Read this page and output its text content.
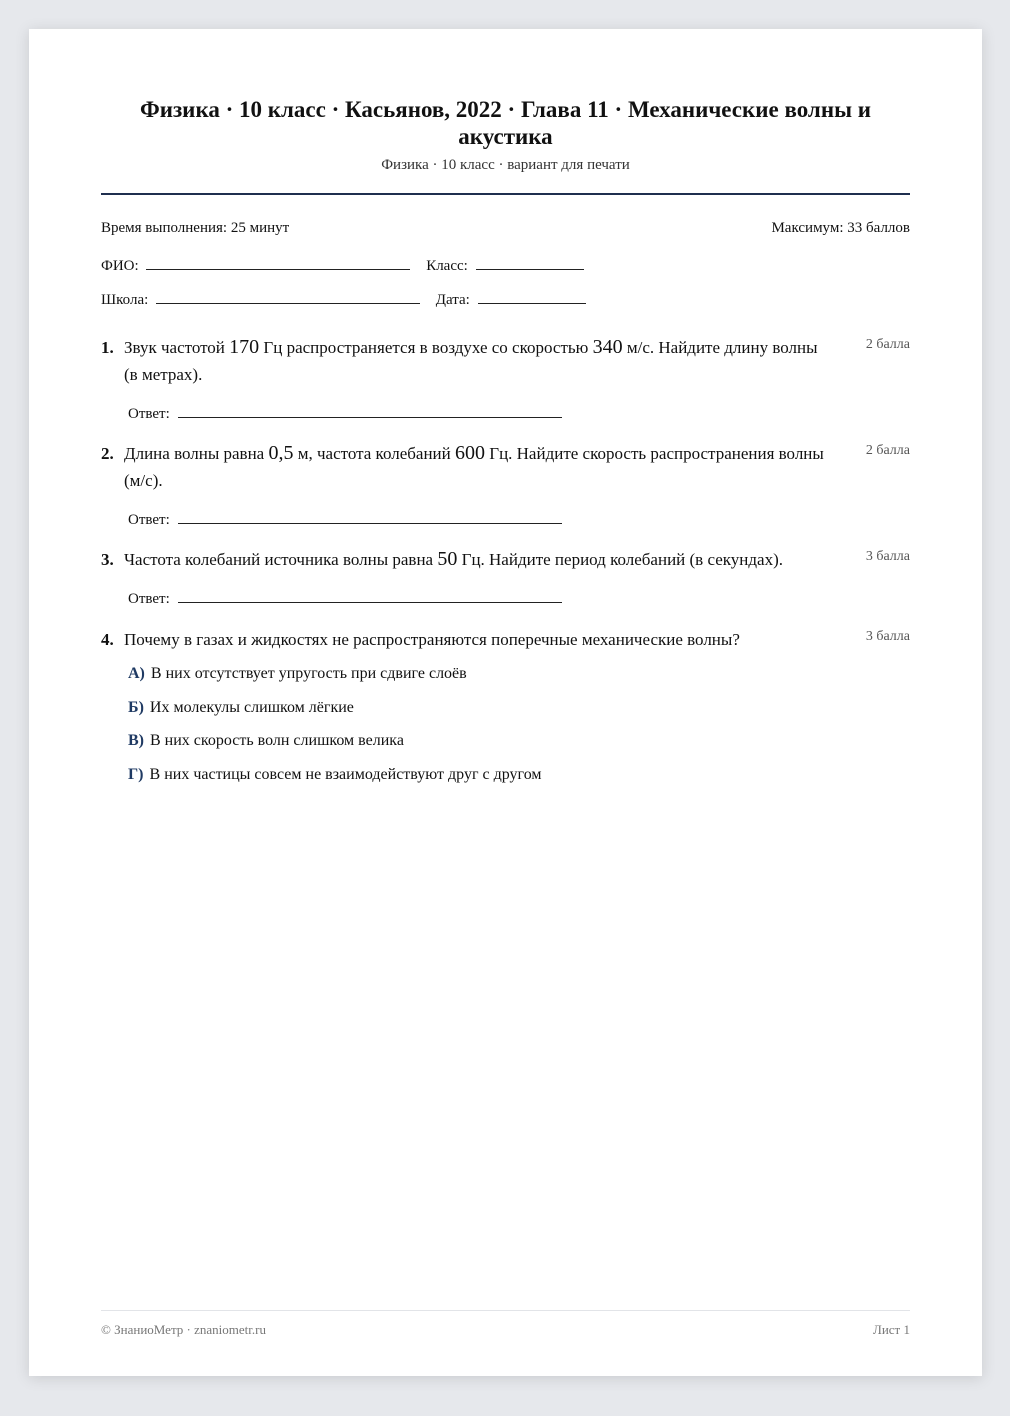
Физика · 10 класс · Касьянов, 2022 · Глава 11 · Механические волны и акустика
Физика · 10 класс · вариант для печати
Время выполнения: 25 минут	Максимум: 33 баллов
ФИО:	Класс:
Школа:	Дата:
1. Звук частотой 170 Гц распространяется в воздухе со скоростью 340 м/с. Найдите длину волны (в метрах).
2 балла
Ответ:
2. Длина волны равна 0,5 м, частота колебаний 600 Гц. Найдите скорость распространения волны (м/с).
2 балла
Ответ:
3. Частота колебаний источника волны равна 50 Гц. Найдите период колебаний (в секундах).	3 балла
Ответ:
4. Почему в газах и жидкостях не распространяются поперечные механические волны?	3 балла
А) В них отсутствует упругость при сдвиге слоёв
Б) Их молекулы слишком лёгкие
В) В них скорость волн слишком велика
Г) В них частицы совсем не взаимодействуют друг с другом
© ЗнаниоМетр · znaniometr.ru	Лист 1
